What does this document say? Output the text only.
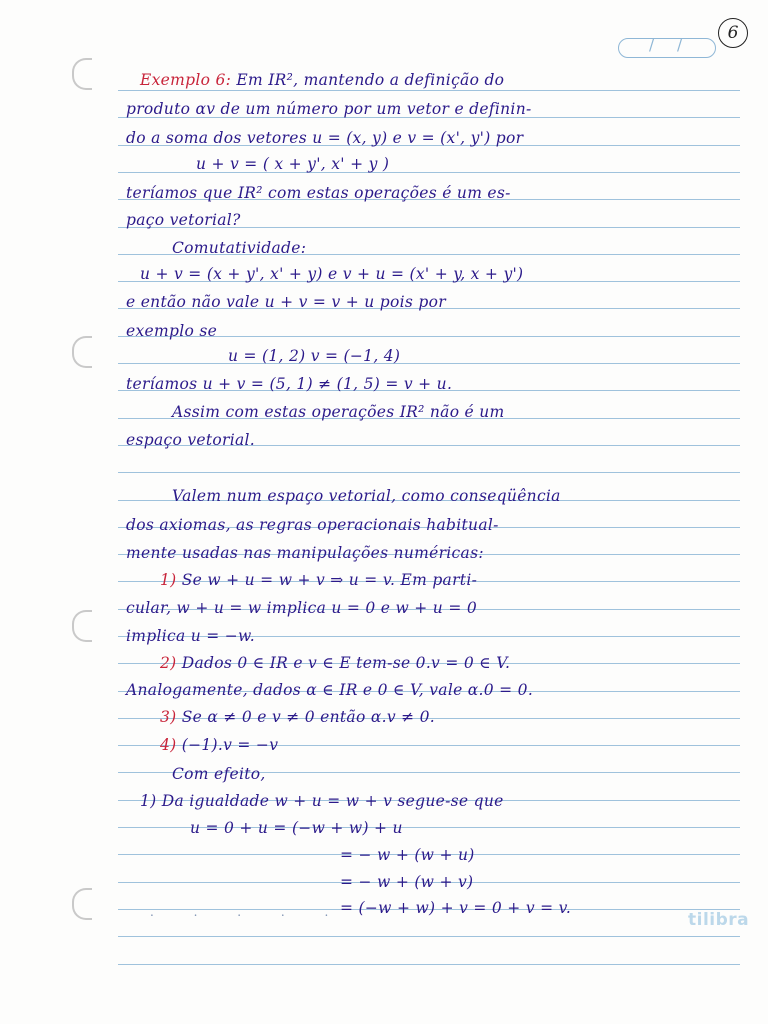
6
/ /
Exemplo 6: Em IR², mantendo a definição do
produto αv de um número por um vetor e definin-
do a soma dos vetores u = (x, y) e v = (x', y') por
u + v = ( x + y', x' + y )
teríamos que IR² com estas operações é um es-
paço vetorial?
Comutatividade:
u + v = (x + y', x' + y) e v + u = (x' + y, x + y')
e então não vale u + v = v + u pois por
exemplo se
u = (1, 2) v = (−1, 4)
teríamos u + v = (5, 1) ≠ (1, 5) = v + u.
Assim com estas operações IR² não é um
espaço vetorial.
Valem num espaço vetorial, como conseqüência
dos axiomas, as regras operacionais habitual-
mente usadas nas manipulações numéricas:
1) Se w + u = w + v ⇒ u = v. Em parti-
cular, w + u = w implica u = 0 e w + u = 0
implica u = −w.
2) Dados 0 ∈ IR e v ∈ E tem-se 0.v = 0 ∈ V.
Analogamente, dados α ∈ IR e 0 ∈ V, vale α.0 = 0.
3) Se α ≠ 0 e v ≠ 0 então α.v ≠ 0.
4) (−1).v = −v
Com efeito,
1) Da igualdade w + u = w + v segue-se que
u = 0 + u = (−w + w) + u
= − w + (w + u)
= − w + (w + v)
= (−w + w) + v = 0 + v = v.
. . . . .	tilibra
